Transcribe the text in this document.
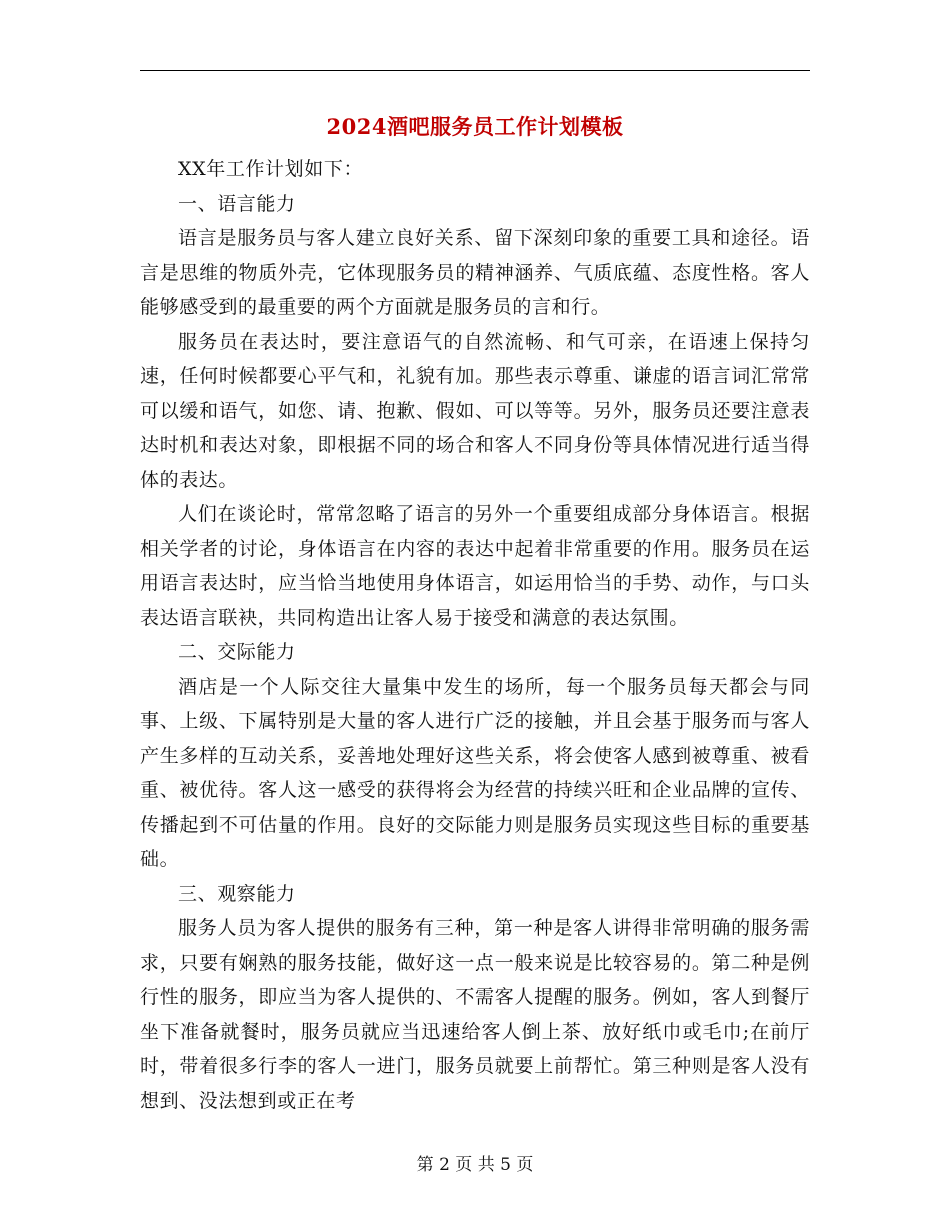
2024酒吧服务员工作计划模板

XX年工作计划如下：

一、语言能力

语言是服务员与客人建立良好关系、留下深刻印象的重要工具和途径。语言是思维的物质外壳，它体现服务员的精神涵养、气质底蕴、态度性格。客人能够感受到的最重要的两个方面就是服务员的言和行。

服务员在表达时，要注意语气的自然流畅、和气可亲，在语速上保持匀速，任何时候都要心平气和，礼貌有加。那些表示尊重、谦虚的语言词汇常常可以缓和语气，如您、请、抱歉、假如、可以等等。另外，服务员还要注意表达时机和表达对象，即根据不同的场合和客人不同身份等具体情况进行适当得体的表达。

人们在谈论时，常常忽略了语言的另外一个重要组成部分身体语言。根据相关学者的讨论，身体语言在内容的表达中起着非常重要的作用。服务员在运用语言表达时，应当恰当地使用身体语言，如运用恰当的手势、动作，与口头表达语言联袂，共同构造出让客人易于接受和满意的表达氛围。

二、交际能力

酒店是一个人际交往大量集中发生的场所，每一个服务员每天都会与同事、上级、下属特别是大量的客人进行广泛的接触，并且会基于服务而与客人产生多样的互动关系，妥善地处理好这些关系，将会使客人感到被尊重、被看重、被优待。客人这一感受的获得将会为经营的持续兴旺和企业品牌的宣传、传播起到不可估量的作用。良好的交际能力则是服务员实现这些目标的重要基础。

三、观察能力

服务人员为客人提供的服务有三种，第一种是客人讲得非常明确的服务需求，只要有娴熟的服务技能，做好这一点一般来说是比较容易的。第二种是例行性的服务，即应当为客人提供的、不需客人提醒的服务。例如，客人到餐厅坐下准备就餐时，服务员就应当迅速给客人倒上茶、放好纸巾或毛巾;在前厅时，带着很多行李的客人一进门，服务员就要上前帮忙。第三种则是客人没有想到、没法想到或正在考

第 2 页 共 5 页
